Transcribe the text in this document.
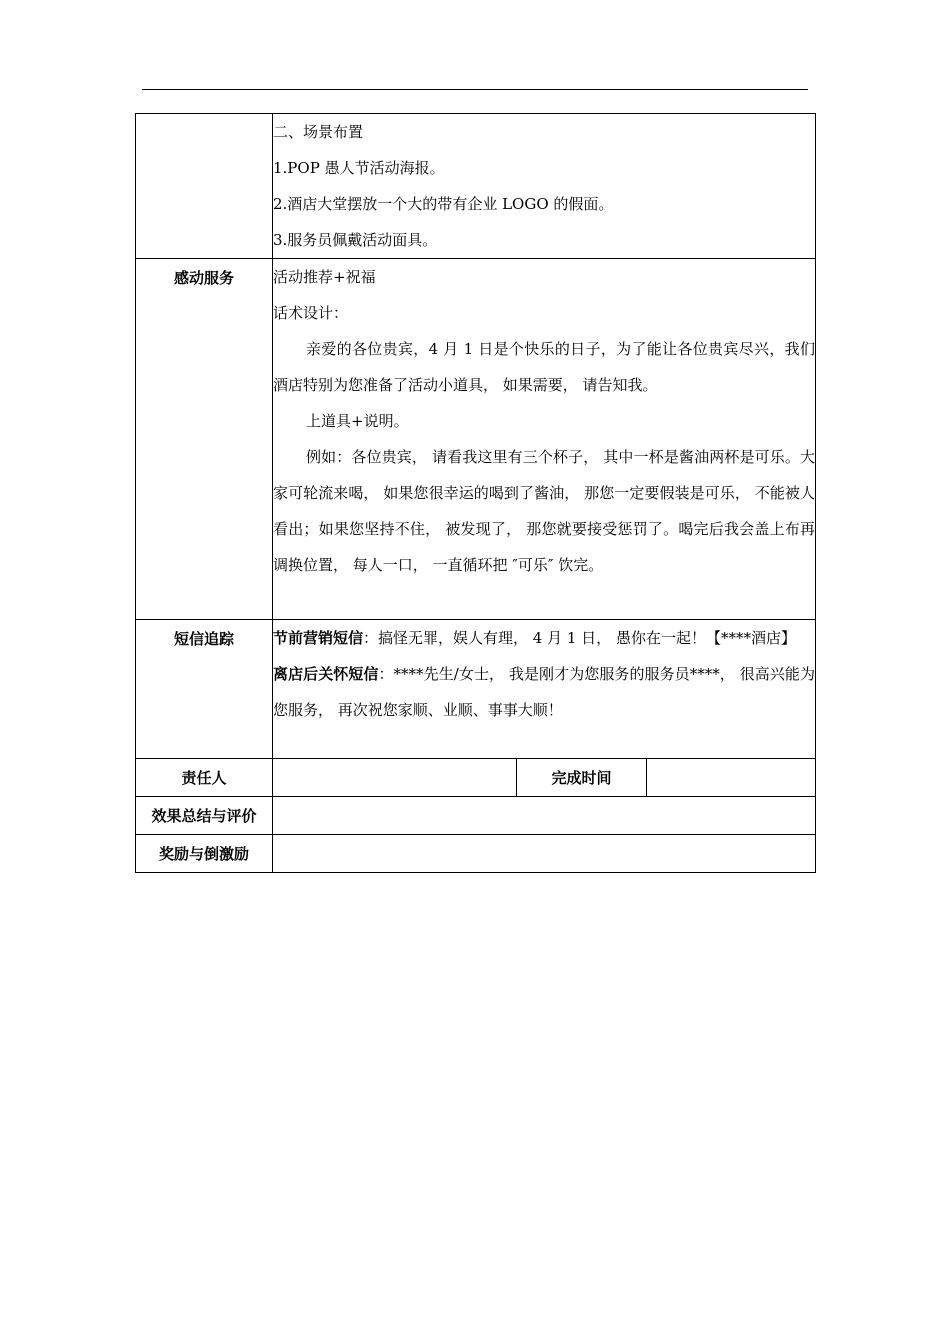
	二、场景布置
1.POP 愚人节活动海报。
2.酒店大堂摆放一个大的带有企业 LOGO 的假面。
3.服务员佩戴活动面具。		

感动服务	活动推荐+祝福
话术设计：
亲爱的各位贵宾，4 月 1 日是个快乐的日子，为了能让各位贵宾尽兴，我们酒店特别为您准备了活动小道具， 如果需要， 请告知我。
上道具+说明。
例如：各位贵宾， 请看我这里有三个杯子， 其中一杯是酱油两杯是可乐。大家可轮流来喝， 如果您很幸运的喝到了酱油， 那您一定要假装是可乐， 不能被人看出；如果您坚持不住， 被发现了， 那您就要接受惩罚了。喝完后我会盖上布再调换位置， 每人一口， 一直循环把 ″可乐″ 饮完。		

短信追踪	节前营销短信：搞怪无罪，娱人有理， 4 月 1 日， 愚你在一起！【****酒店】
离店后关怀短信：****先生/女士， 我是刚才为您服务的服务员****， 很高兴能为您服务， 再次祝您家顺、业顺、事事大顺！		

责任人		完成时间	

效果总结与评价			

奖励与倒激励			
